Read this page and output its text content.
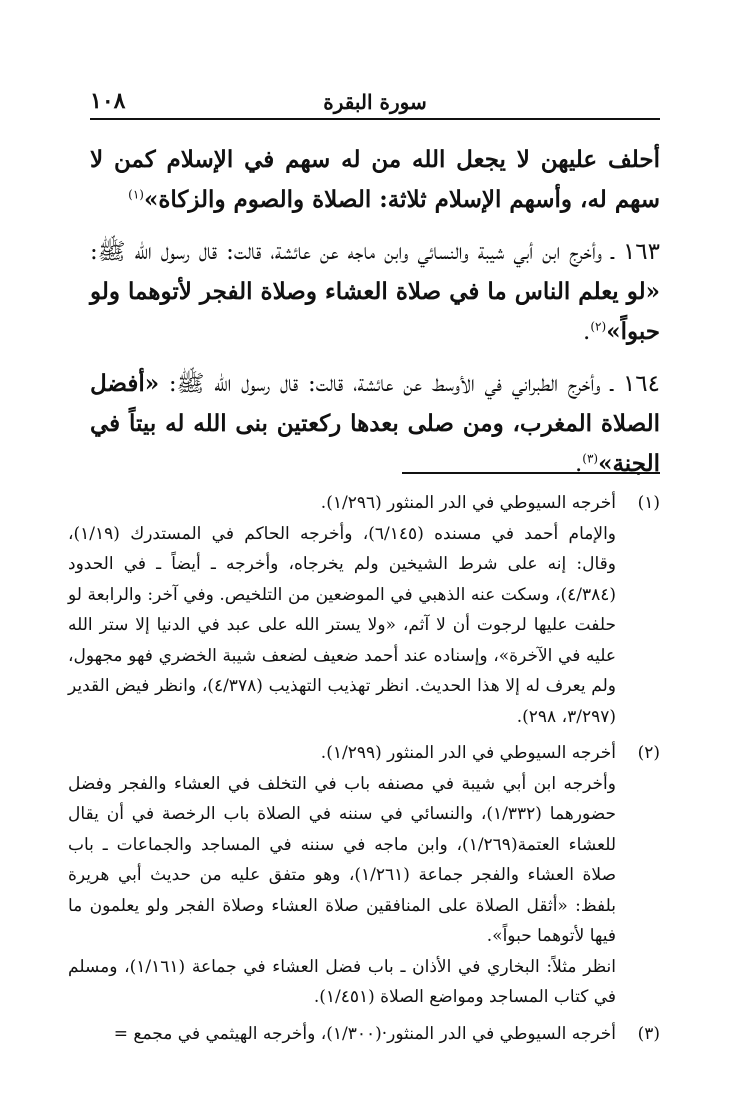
١٠٨	سورة البقرة

أحلف عليهن لا يجعل الله من له سهم في الإسلام كمن لا سهم له، وأسهم الإسلام ثلاثة: الصلاة والصوم والزكاة»$^{(١)}$

١٦٣ ـ وأخرج ابن أبي شيبة والنسائي وابن ماجه عن عائشة، قالت: قال رسول الله ﷺ: «لو يعلم الناس ما في صلاة العشاء وصلاة الفجر لأتوهما ولو حبواً»$^{(٢)}$.

١٦٤ ـ وأخرج الطبراني في الأوسط عن عائشة، قالت: قال رسول الله ﷺ: «أفضل الصلاة المغرب، ومن صلى بعدها ركعتين بنى الله له بيتاً في الجنة»$^{(٣)}$.

(١)
أخرجه السيوطي في الدر المنثور (١/٢٩٦).
والإمام أحمد في مسنده (٦/١٤٥)، وأخرجه الحاكم في المستدرك (١/١٩)، وقال: إنه على شرط الشيخين ولم يخرجاه، وأخرجه ـ أيضاً ـ في الحدود (٤/٣٨٤)، وسكت عنه الذهبي في الموضعين من التلخيص. وفي آخر: والرابعة لو حلفت عليها لرجوت أن لا آثم، «ولا يستر الله على عبد في الدنيا إلا ستر الله عليه في الآخرة»، وإسناده عند أحمد ضعيف لضعف شيبة الخضري فهو مجهول، ولم يعرف له إلا هذا الحديث. انظر تهذيب التهذيب (٤/٣٧٨)، وانظر فيض القدير (٣/٢٩٧، ٢٩٨).
(٢)
أخرجه السيوطي في الدر المنثور (١/٢٩٩).
وأخرجه ابن أبي شيبة في مصنفه باب في التخلف في العشاء والفجر وفضل حضورهما (١/٣٣٢)، والنسائي في سننه في الصلاة باب الرخصة في أن يقال للعشاء العتمة(١/٢٦٩)، وابن ماجه في سننه في المساجد والجماعات ـ باب صلاة العشاء والفجر جماعة (١/٢٦١)، وهو متفق عليه من حديث أبي هريرة بلفظ: «أثقل الصلاة على المنافقين صلاة العشاء وصلاة الفجر ولو يعلمون ما فيها لأتوهما حبواً».
انظر مثلاً: البخاري في الأذان ـ باب فضل العشاء في جماعة (١/١٦١)، ومسلم في كتاب المساجد ومواضع الصلاة (١/٤٥١).
(٣)
أخرجه السيوطي في الدر المنثور·(١/٣٠٠)، وأخرجه الهيثمي في مجمع =
